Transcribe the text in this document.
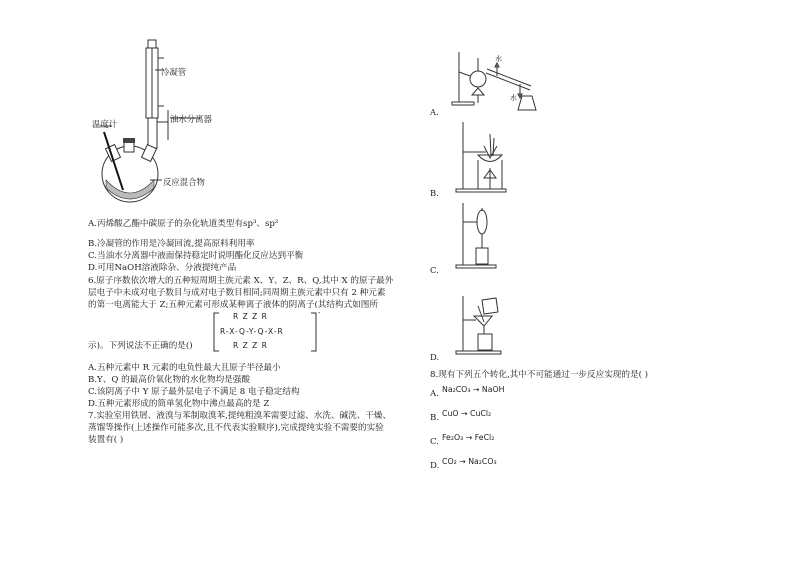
冷凝管
温度计	油水分离器
反应混合物
A.丙烯酸乙酯中碳原子的杂化轨道类型有sp³、sp²
B.冷凝管的作用是冷凝回流,提高原料利用率
C.当油水分离器中液面保持稳定时说明酯化反应达到平衡
D.可用NaOH溶液除杂、分液提纯产品
6.原子序数依次增大的五种短周期主族元素 X、Y、Z、R、Q,其中 X 的原子最外
层电子中未成对电子数目与成对电子数目相同;同周期主族元素中只有 2 种元素
的第一电离能大于 Z;五种元素可形成某种离子液体的阴离子(其结构式如图所
示)。下列说法不正确的是()
R Z Z R
R-X-Q-Y-Q-X-R
R Z Z R
-
A.五种元素中 R 元素的电负性最大且原子半径最小
B.Y、Q 的最高价氧化物的水化物均是强酸
C.该阴离子中 Y 原子最外层电子不满足 8 电子稳定结构
D.五种元素形成的简单氢化物中沸点最高的是 Z
7.实验室用铁屑、液溴与苯制取溴苯,提纯粗溴苯需要过滤、水洗、碱洗、干燥、
蒸馏等操作(上述操作可能多次,且不代表实验顺序),完成提纯实验不需要的实验
装置有( )
A.
水
水
B.
C.
D.
8.现有下列五个转化,其中不可能通过一步反应实现的是( )
A. Na₂CO₃ → NaOH
B. CuO → CuCl₂
C. Fe₂O₃ → FeCl₂
D. CO₂ → Na₂CO₃
